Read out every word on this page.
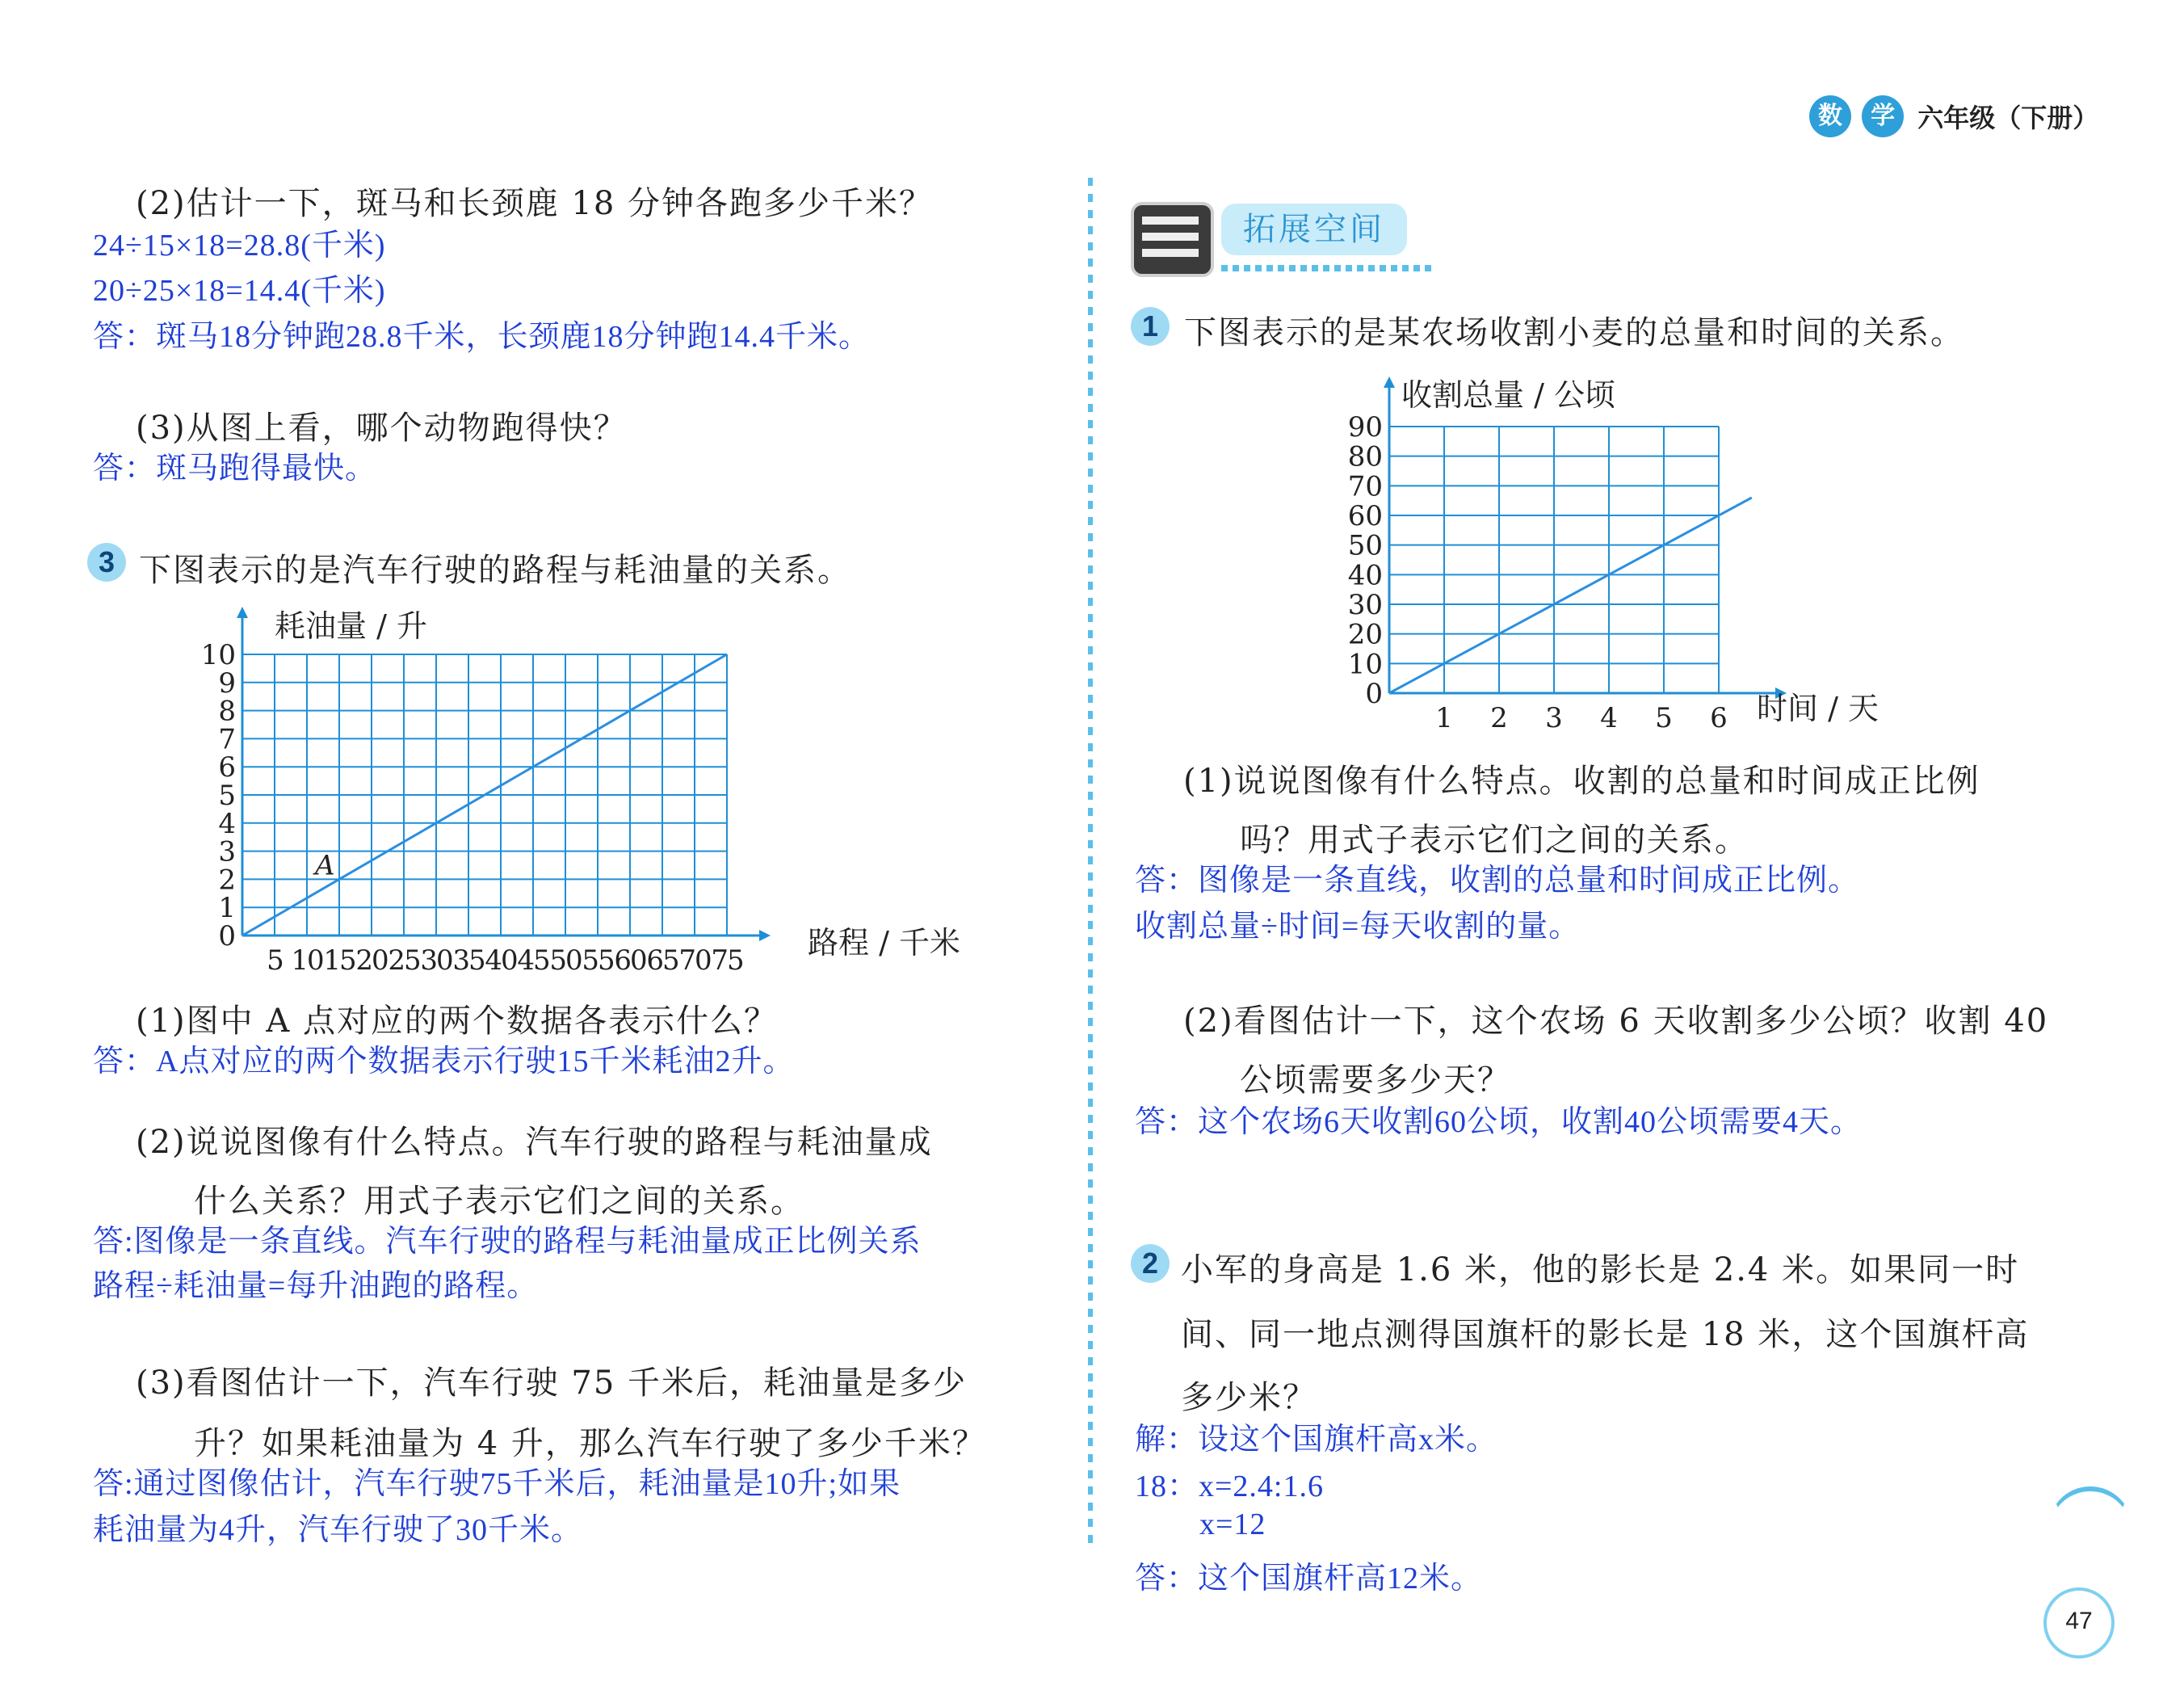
数 学 六年级（下册）
(2)估计一下，斑马和长颈鹿 18 分钟各跑多少千米？
24÷15×18=28.8(千米)
20÷25×18=14.4(千米)
答：斑马18分钟跑28.8千米，长颈鹿18分钟跑14.4千米。
(3)从图上看，哪个动物跑得快？
答：斑马跑得最快。
3 下图表示的是汽车行驶的路程与耗油量的关系。
0
1
2
3
4
5
6
7
8
9
10
5 10 15 20 25 30 35 40 45 50 55 60 65 70 75
耗油量 / 升
路程 / 千米
A
(1)图中 A 点对应的两个数据各表示什么？
答：A点对应的两个数据表示行驶15千米耗油2升。
(2)说说图像有什么特点。汽车行驶的路程与耗油量成
什么关系？用式子表示它们之间的关系。
答:图像是一条直线。汽车行驶的路程与耗油量成正比例关系
路程÷耗油量=每升油跑的路程。
(3)看图估计一下，汽车行驶 75 千米后，耗油量是多少
升？如果耗油量为 4 升，那么汽车行驶了多少千米？
答:通过图像估计，汽车行驶75千米后，耗油量是10升;如果
耗油量为4升，汽车行驶了30千米。
拓展空间
1 下图表示的是某农场收割小麦的总量和时间的关系。
0
10
20
30
40
50
60
70
80
90
1 2 3 4 5 6
收割总量 / 公顷
时间 / 天
(1)说说图像有什么特点。收割的总量和时间成正比例
吗？用式子表示它们之间的关系。
答：图像是一条直线，收割的总量和时间成正比例。
收割总量÷时间=每天收割的量。
(2)看图估计一下，这个农场 6 天收割多少公顷？收割 40
公顷需要多少天？
答：这个农场6天收割60公顷，收割40公顷需要4天。
2 小军的身高是 1.6 米，他的影长是 2.4 米。如果同一时
间、同一地点测得国旗杆的影长是 18 米，这个国旗杆高
多少米？
解：设这个国旗杆高x米。
18：x=2.4:1.6
x=12
答：这个国旗杆高12米。
47
